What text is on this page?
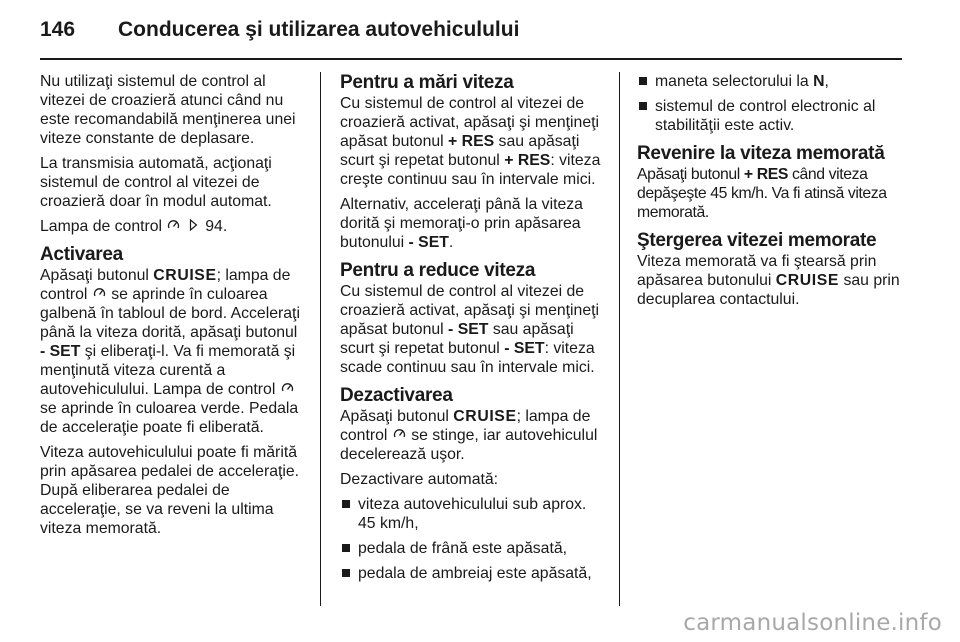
146	Conducerea şi utilizarea autovehiculului

Nu utilizaţi sistemul de control al vitezei de croazieră atunci când nu este recomandabilă menţinerea unei viteze constante de deplasare.

La transmisia automată, acţionaţi sistemul de control al vitezei de croazieră doar în modul automat.

Lampa de control	94.

Activarea

Apăsaţi butonul CRUISE; lampa de control se aprinde în culoarea galbenă în tabloul de bord. Acceleraţi până la viteza dorită, apăsaţi butonul - SET şi eliberaţi-l. Va fi memorată şi menţinută viteza curentă a autovehiculului. Lampa de control  se aprinde în culoarea verde. Pedala de acceleraţie poate fi eliberată.

Viteza autovehiculului poate fi mărită prin apăsarea pedalei de acceleraţie. După eliberarea pedalei de acceleraţie, se va reveni la ultima viteza memorată.

Pentru a mări viteza

Cu sistemul de control al vitezei de croazieră activat, apăsaţi şi menţineţi apăsat butonul + RES sau apăsaţi scurt şi repetat butonul + RES: viteza creşte continuu sau în intervale mici.

Alternativ, acceleraţi până la viteza dorită şi memoraţi-o prin apăsarea butonului - SET.

Pentru a reduce viteza

Cu sistemul de control al vitezei de croazieră activat, apăsaţi şi menţineţi apăsat butonul - SET sau apăsaţi scurt şi repetat butonul - SET: viteza scade continuu sau în intervale mici.

Dezactivarea

Apăsaţi butonul CRUISE; lampa de control se stinge, iar autovehiculul decelerează uşor.

Dezactivare automată:

viteza autovehiculului sub aprox. 45 km/h,
pedala de frână este apăsată,
pedala de ambreiaj este apăsată,
maneta selectorului la N,
sistemul de control electronic al stabilităţii este activ.
Revenire la viteza memorată

Apăsaţi butonul + RES când viteza depăşeşte 45 km/h. Va fi atinsă viteza memorată.

Ştergerea vitezei memorate

Viteza memorată va fi ştearsă prin apăsarea butonului CRUISE sau prin decuplarea contactului.

carmanualsonline.info
